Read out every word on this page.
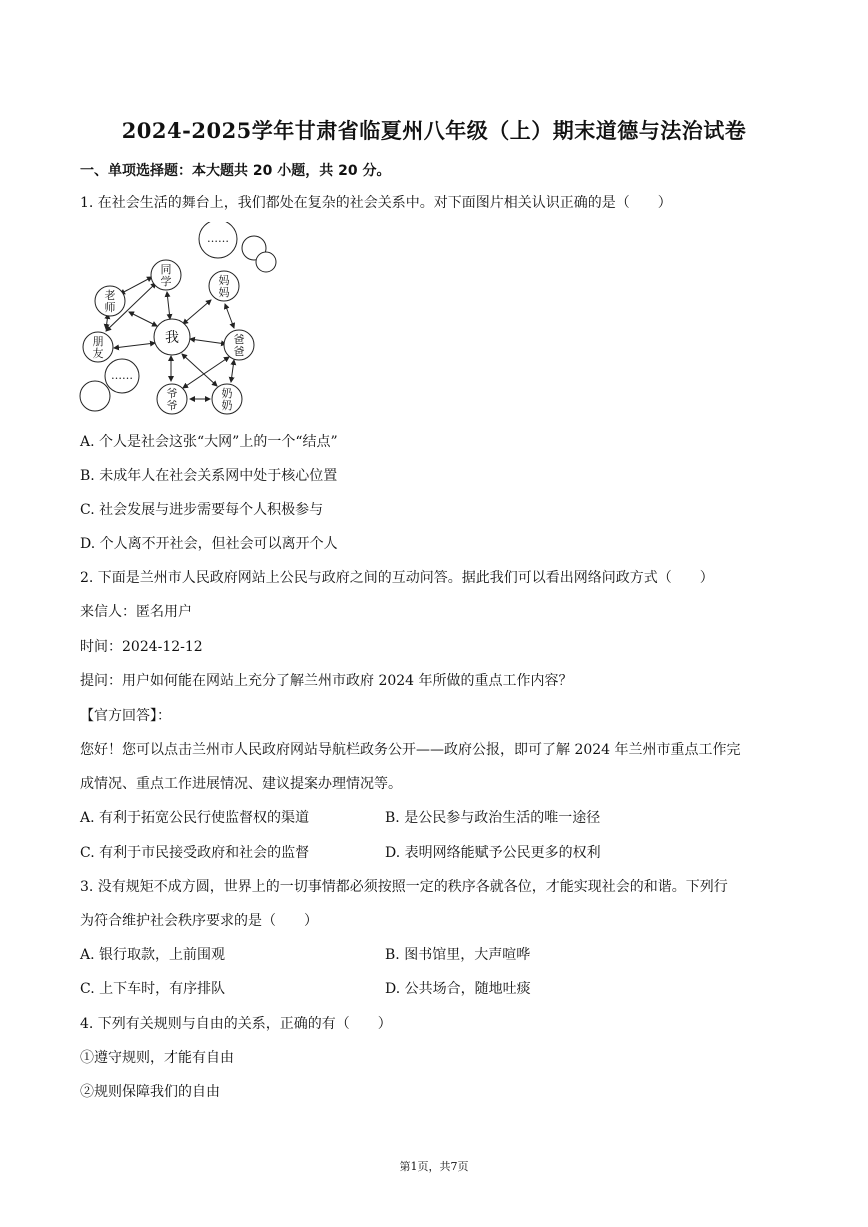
2024-2025学年甘肃省临夏州八年级（上）期末道德与法治试卷
一、单项选择题：本大题共 20 小题，共 20 分。
1. 在社会生活的舞台上，我们都处在复杂的社会关系中。对下面图片相关认识正确的是（　　）
我
同
学
老
师
朋
友
妈
妈
爸
爸
爷
爷
奶
奶
……
……
A. 个人是社会这张“大网”上的一个“结点”
B. 未成年人在社会关系网中处于核心位置
C. 社会发展与进步需要每个人积极参与
D. 个人离不开社会，但社会可以离开个人
2. 下面是兰州市人民政府网站上公民与政府之间的互动问答。据此我们可以看出网络问政方式（　　）
来信人：匿名用户
时间：2024-12-12
提问：用户如何能在网站上充分了解兰州市政府 2024 年所做的重点工作内容？
【官方回答】：
您好！您可以点击兰州市人民政府网站导航栏政务公开——政府公报，即可了解 2024 年兰州市重点工作完
成情况、重点工作进展情况、建议提案办理情况等。
A. 有利于拓宽公民行使监督权的渠道	B. 是公民参与政治生活的唯一途径
C. 有利于市民接受政府和社会的监督	D. 表明网络能赋予公民更多的权利
3. 没有规矩不成方圆，世界上的一切事情都必须按照一定的秩序各就各位，才能实现社会的和谐。下列行
为符合维护社会秩序要求的是（　　）
A. 银行取款，上前围观	B. 图书馆里，大声喧哗
C. 上下车时，有序排队	D. 公共场合，随地吐痰
4. 下列有关规则与自由的关系，正确的有（　　）
①遵守规则，才能有自由
②规则保障我们的自由
第1页，共7页
